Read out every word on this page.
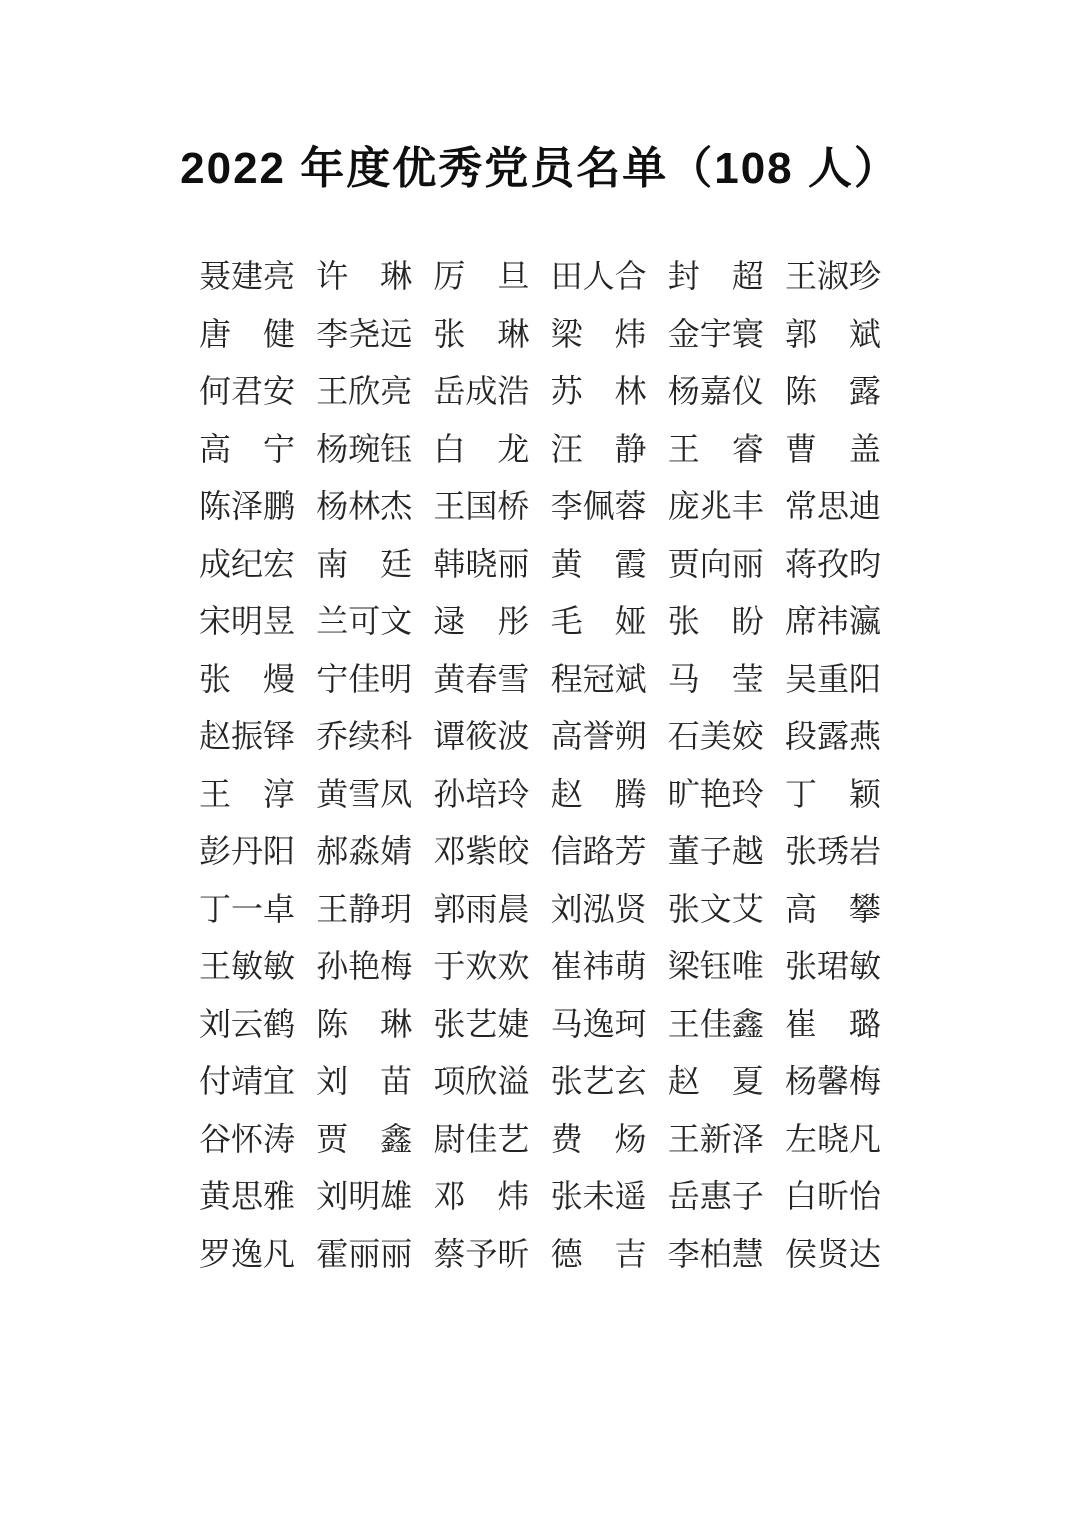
2022 年度优秀党员名单（108 人）
聂建亮 许琳 厉旦 田人合 封超 王淑珍
唐健 李尧远 张琳 梁炜 金宇寰 郭斌
何君安 王欣亮 岳成浩 苏林 杨嘉仪 陈露
高宁 杨琬钰 白龙 汪静 王睿 曹盖
陈泽鹏 杨林杰 王国桥 李佩蓉 庞兆丰 常思迪
成纪宏 南廷 韩晓丽 黄霞 贾向丽 蒋孜昀
宋明昱 兰可文 逯彤 毛娅 张盼 席祎瀛
张熳 宁佳明 黄春雪 程冠斌 马莹 吴重阳
赵振铎 乔续科 谭筱波 高誉朔 石美姣 段露燕
王淳 黄雪凤 孙培玲 赵腾 旷艳玲 丁颖
彭丹阳 郝淼婧 邓紫皎 信路芳 董子越 张琇岩
丁一卓 王静玥 郭雨晨 刘泓贤 张文艾 高攀
王敏敏 孙艳梅 于欢欢 崔祎萌 梁钰唯 张珺敏
刘云鹤 陈琳 张艺婕 马逸珂 王佳鑫 崔璐
付靖宜 刘苗 项欣溢 张艺玄 赵夏 杨馨梅
谷怀涛 贾鑫 尉佳艺 费炀 王新泽 左晓凡
黄思雅 刘明雄 邓炜 张未遥 岳惠子 白昕怡
罗逸凡 霍丽丽 蔡予昕 德吉 李柏慧 侯贤达
